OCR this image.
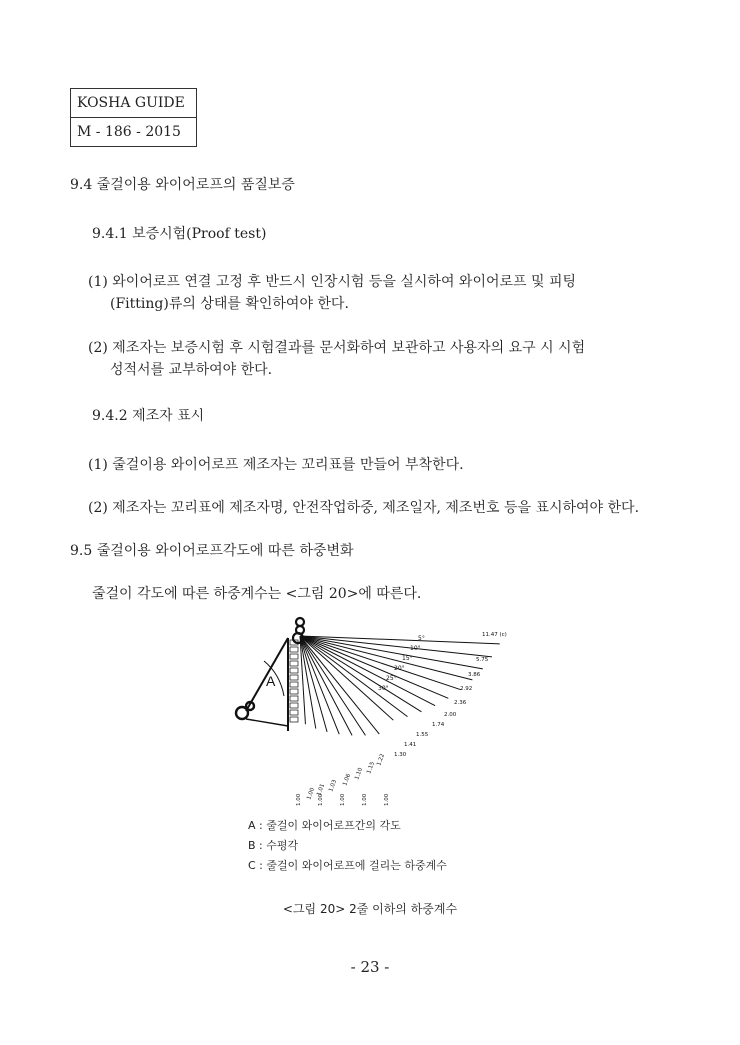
KOSHA GUIDE
M - 186 - 2015
9.4 줄걸이용 와이어로프의 품질보증
9.4.1 보증시험(Proof test)
(1) 와이어로프 연결 고정 후 반드시 인장시험 등을 실시하여 와이어로프 및 피팅
(Fitting)류의 상태를 확인하여야 한다.
(2) 제조자는 보증시험 후 시험결과를 문서화하여 보관하고 사용자의 요구 시 시험
성적서를 교부하여야 한다.
9.4.2 제조자 표시
(1) 줄걸이용 와이어로프 제조자는 꼬리표를 만들어 부착한다.
(2) 제조자는 꼬리표에 제조자명, 안전작업하중, 제조일자, 제조번호 등을 표시하여야 한다.
9.5 줄걸이용 와이어로프각도에 따른 하중변화
줄걸이 각도에 따른 하중계수는 <그림 20>에 따른다.
A
5°
10°
15°
20°
25°
30°
11.47 (c)
5.75
3.86
2.92
2.36
2.00
1.74
1.55
1.41
1.30
1.22
1.15
1.10
1.06
1.03
1.01
1.00
1.00	1.00	1.00	1.00	1.00
A : 줄걸이 와이어로프간의 각도
B : 수평각
C : 줄걸이 와이어로프에 걸리는 하중계수
<그림 20> 2줄 이하의 하중계수
- 23 -
